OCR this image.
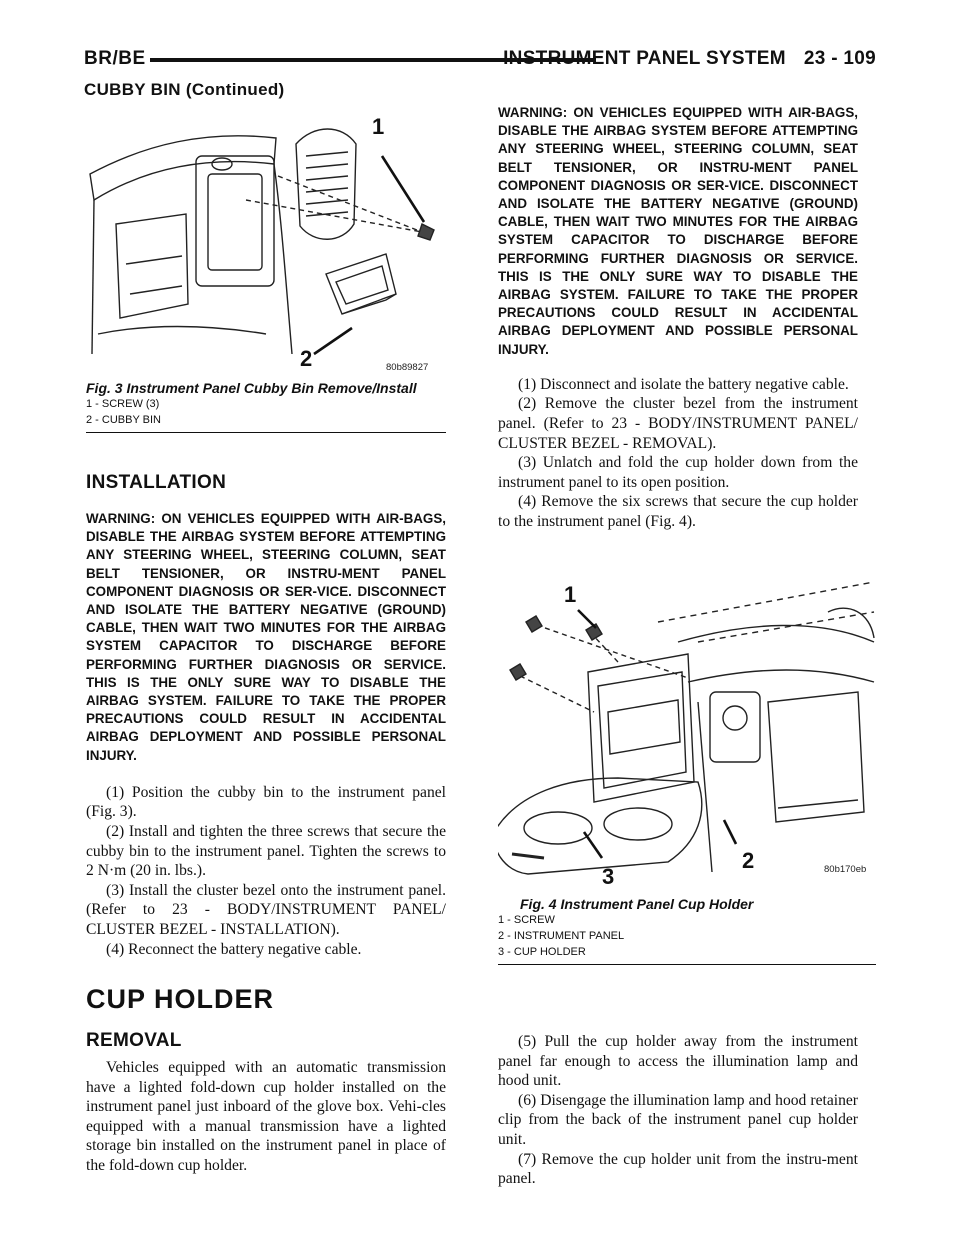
BR/BE	INSTRUMENT PANEL SYSTEM 23 - 109
CUBBY BIN (Continued)
1
2	80b89827
Fig. 3 Instrument Panel Cubby Bin Remove/Install
1 - SCREW (3)
2 - CUBBY BIN
INSTALLATION

WARNING: ON VEHICLES EQUIPPED WITH AIR-BAGS, DISABLE THE AIRBAG SYSTEM BEFORE ATTEMPTING ANY STEERING WHEEL, STEERING COLUMN, SEAT BELT TENSIONER, OR INSTRU-MENT PANEL COMPONENT DIAGNOSIS OR SER-VICE. DISCONNECT AND ISOLATE THE BATTERY NEGATIVE (GROUND) CABLE, THEN WAIT TWO MINUTES FOR THE AIRBAG SYSTEM CAPACITOR TO DISCHARGE BEFORE PERFORMING FURTHER DIAGNOSIS OR SERVICE. THIS IS THE ONLY SURE WAY TO DISABLE THE AIRBAG SYSTEM. FAILURE TO TAKE THE PROPER PRECAUTIONS COULD RESULT IN ACCIDENTAL AIRBAG DEPLOYMENT AND POSSIBLE PERSONAL INJURY.

(1) Position the cubby bin to the instrument panel (Fig. 3).

(2) Install and tighten the three screws that secure the cubby bin to the instrument panel. Tighten the screws to 2 N·m (20 in. lbs.).

(3) Install the cluster bezel onto the instrument panel. (Refer to 23 - BODY/INSTRUMENT PANEL/ CLUSTER BEZEL - INSTALLATION).

(4) Reconnect the battery negative cable.

CUP HOLDER
REMOVAL

Vehicles equipped with an automatic transmission have a lighted fold-down cup holder installed on the instrument panel just inboard of the glove box. Vehi-cles equipped with a manual transmission have a lighted storage bin installed on the instrument panel in place of the fold-down cup holder.

WARNING: ON VEHICLES EQUIPPED WITH AIR-BAGS, DISABLE THE AIRBAG SYSTEM BEFORE ATTEMPTING ANY STEERING WHEEL, STEERING COLUMN, SEAT BELT TENSIONER, OR INSTRU-MENT PANEL COMPONENT DIAGNOSIS OR SER-VICE. DISCONNECT AND ISOLATE THE BATTERY NEGATIVE (GROUND) CABLE, THEN WAIT TWO MINUTES FOR THE AIRBAG SYSTEM CAPACITOR TO DISCHARGE BEFORE PERFORMING FURTHER DIAGNOSIS OR SERVICE. THIS IS THE ONLY SURE WAY TO DISABLE THE AIRBAG SYSTEM. FAILURE TO TAKE THE PROPER PRECAUTIONS COULD RESULT IN ACCIDENTAL AIRBAG DEPLOYMENT AND POSSIBLE PERSONAL INJURY.

(1) Disconnect and isolate the battery negative cable.

(2) Remove the cluster bezel from the instrument panel. (Refer to 23 - BODY/INSTRUMENT PANEL/ CLUSTER BEZEL - REMOVAL).

(3) Unlatch and fold the cup holder down from the instrument panel to its open position.

(4) Remove the six screws that secure the cup holder to the instrument panel (Fig. 4).

1
2
3	80b170eb
Fig. 4 Instrument Panel Cup Holder
1 - SCREW
2 - INSTRUMENT PANEL
3 - CUP HOLDER

(5) Pull the cup holder away from the instrument panel far enough to access the illumination lamp and hood unit.

(6) Disengage the illumination lamp and hood retainer clip from the back of the instrument panel cup holder unit.

(7) Remove the cup holder unit from the instru-ment panel.
